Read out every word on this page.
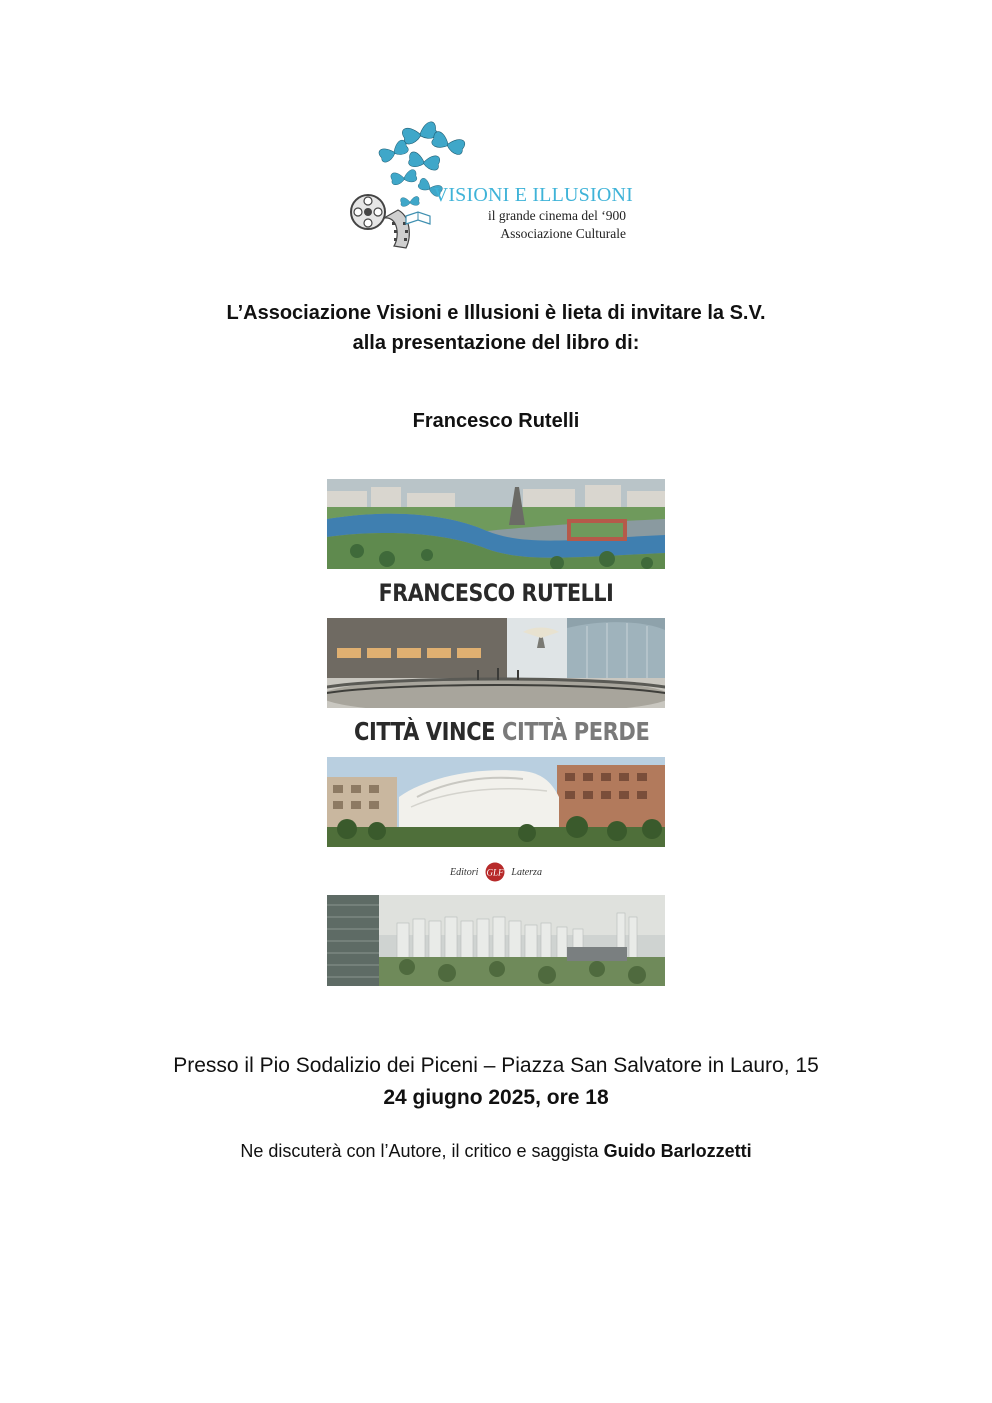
VISIONI E ILLUSIONI
il grande cinema del ‘900
Associazione Culturale
L’Associazione Visioni e Illusioni è lieta di invitare la S.V.
alla presentazione del libro di:
Francesco Rutelli
FRANCESCO RUTELLI
CITTÀ VINCE CITTÀ PERDE
Editori GLF Laterza
Presso il Pio Sodalizio dei Piceni – Piazza San Salvatore in Lauro, 15
24 giugno 2025, ore 18
Ne discuterà con l’Autore, il critico e saggista Guido Barlozzetti
